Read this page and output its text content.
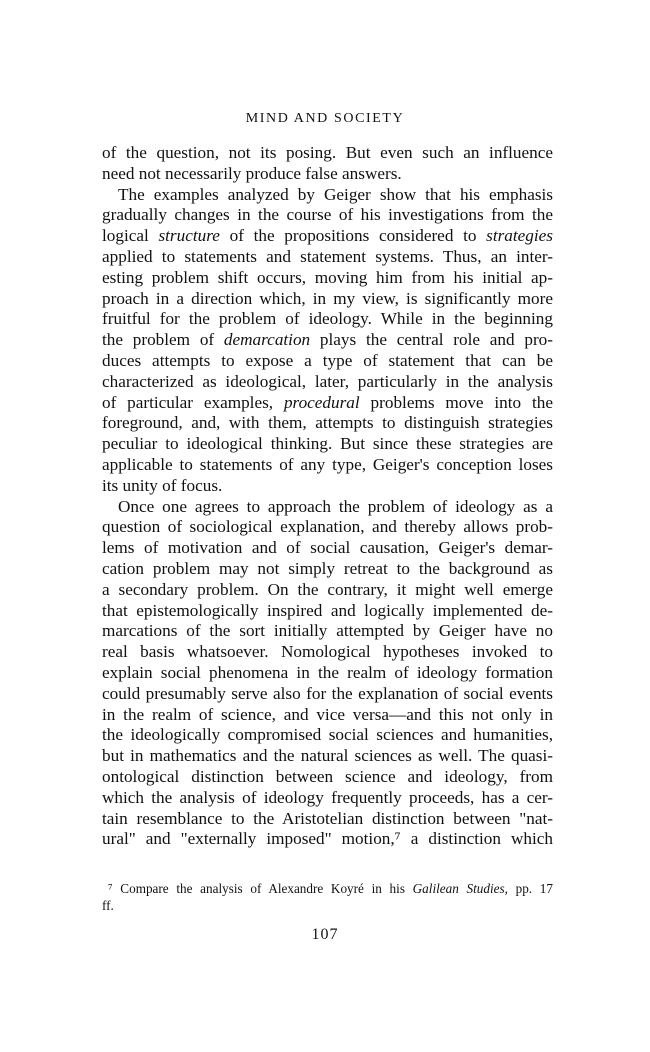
MIND AND SOCIETY
of the question, not its posing. But even such an influence
need not necessarily produce false answers.
The examples analyzed by Geiger show that his emphasis
gradually changes in the course of his investigations from the
logical structure of the propositions considered to strategies
applied to statements and statement systems. Thus, an inter-
esting problem shift occurs, moving him from his initial ap-
proach in a direction which, in my view, is significantly more
fruitful for the problem of ideology. While in the beginning
the problem of demarcation plays the central role and pro-
duces attempts to expose a type of statement that can be
characterized as ideological, later, particularly in the analysis
of particular examples, procedural problems move into the
foreground, and, with them, attempts to distinguish strategies
peculiar to ideological thinking. But since these strategies are
applicable to statements of any type, Geiger's conception loses
its unity of focus.
Once one agrees to approach the problem of ideology as a
question of sociological explanation, and thereby allows prob-
lems of motivation and of social causation, Geiger's demar-
cation problem may not simply retreat to the background as
a secondary problem. On the contrary, it might well emerge
that epistemologically inspired and logically implemented de-
marcations of the sort initially attempted by Geiger have no
real basis whatsoever. Nomological hypotheses invoked to
explain social phenomena in the realm of ideology formation
could presumably serve also for the explanation of social events
in the realm of science, and vice versa—and this not only in
the ideologically compromised social sciences and humanities,
but in mathematics and the natural sciences as well. The quasi-
ontological distinction between science and ideology, from
which the analysis of ideology frequently proceeds, has a cer-
tain resemblance to the Aristotelian distinction between "nat-
ural" and "externally imposed" motion,⁷ a distinction which
⁷ Compare the analysis of Alexandre Koyré in his Galilean Studies, pp. 17
ff.
107
